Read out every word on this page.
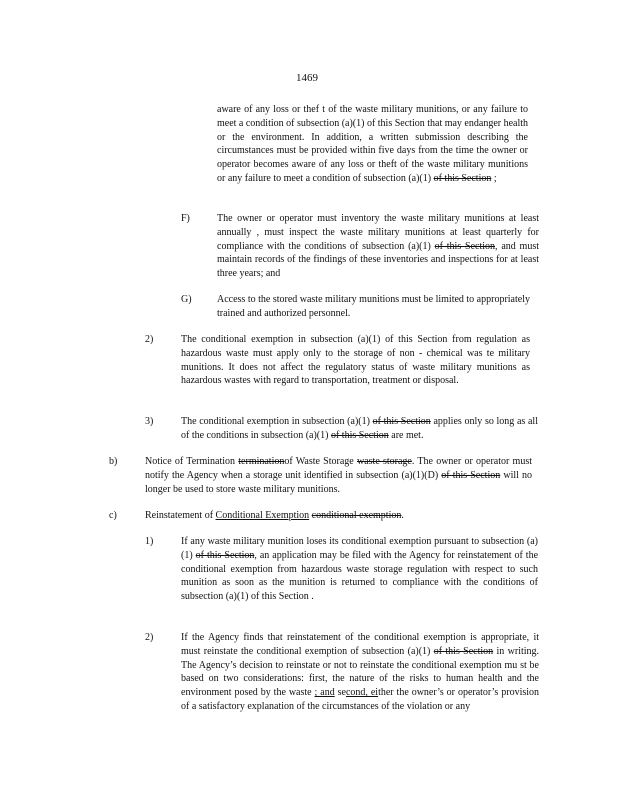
1469
aware of any loss or thef t of the waste military munitions, or any failure to meet a condition of subsection (a)(1) of this Section that may endanger health or the environment. In addition, a written submission describing the circumstances must be provided within five days from the time the owner or operator becomes aware of any loss or theft of the waste military munitions or any failure to meet a condition of subsection (a)(1) of this Section ;
F)	The owner or operator must inventory the waste military munitions at least annually , must inspect the waste military munitions at least quarterly for compliance with the conditions of subsection (a)(1) of this Section, and must maintain records of the findings of these inventories and inspections for at least three years; and
G)	Access to the stored waste military munitions must be limited to appropriately trained and authorized personnel.
2)	The conditional exemption in subsection (a)(1) of this Section from regulation as hazardous waste must apply only to the storage of non - chemical was te military munitions. It does not affect the regulatory status of waste military munitions as hazardous wastes with regard to transportation, treatment or disposal.
3)	The conditional exemption in subsection (a)(1) of this Section applies only so long as all of the conditions in subsection (a)(1) of this Section are met.
b)	Notice of Termination terminationof Waste Storage waste storage. The owner or operator must notify the Agency when a storage unit identified in subsection (a)(1)(D) of this Section will no longer be used to store waste military munitions.
c)	Reinstatement of Conditional Exemption conditional exemption.
1)	If any waste military munition loses its conditional exemption pursuant to subsection (a)(1) of this Section, an application may be filed with the Agency for reinstatement of the conditional exemption from hazardous waste storage regulation with respect to such munition as soon as the munition is returned to compliance with the conditions of subsection (a)(1) of this Section .
2)	If the Agency finds that reinstatement of the conditional exemption is appropriate, it must reinstate the conditional exemption of subsection (a)(1) of this Section in writing. The Agency’s decision to reinstate or not to reinstate the conditional exemption mu st be based on two considerations: first, the nature of the risks to human health and the environment posed by the waste ; and second, either the owner’s or operator’s provision of a satisfactory explanation of the circumstances of the violation or any
